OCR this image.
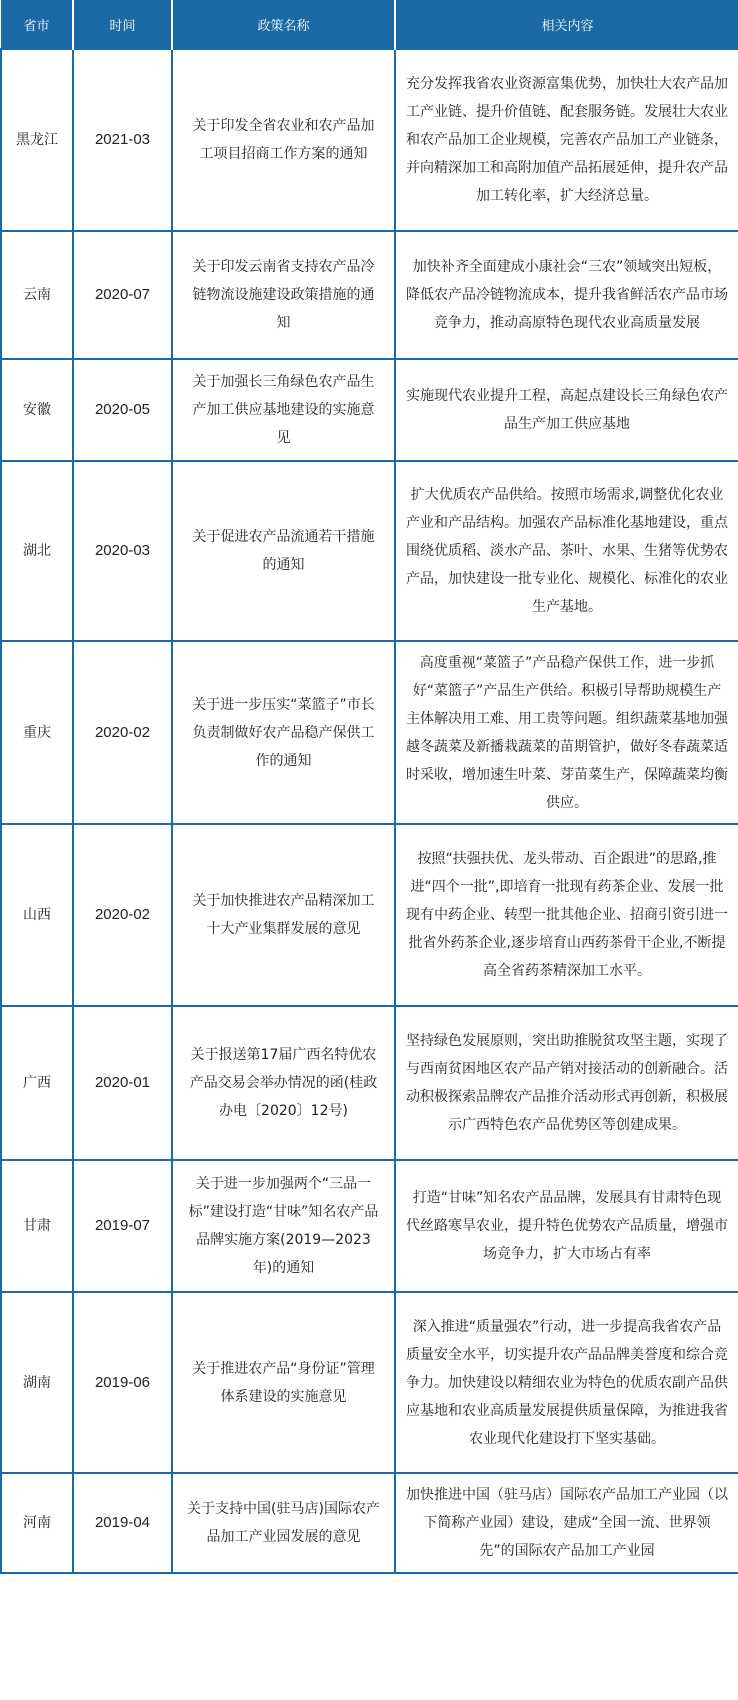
省市	时间	政策名称	相关内容
黑龙江	2021-03	关于印发全省农业和农产品加工项目招商工作方案的通知	充分发挥我省农业资源富集优势，加快壮大农产品加工产业链、提升价值链、配套服务链。发展壮大农业和农产品加工企业规模，完善农产品加工产业链条，并向精深加工和高附加值产品拓展延伸，提升农产品加工转化率，扩大经济总量。
云南	2020-07	关于印发云南省支持农产品冷链物流设施建设政策措施的通知	加快补齐全面建成小康社会“三农”领域突出短板，降低农产品冷链物流成本，提升我省鲜活农产品市场竞争力，推动高原特色现代农业高质量发展
安徽	2020-05	关于加强长三角绿色农产品生产加工供应基地建设的实施意见	实施现代农业提升工程，高起点建设长三角绿色农产品生产加工供应基地
湖北	2020-03	关于促进农产品流通若干措施的通知	扩大优质农产品供给。按照市场需求,调整优化农业产业和产品结构。加强农产品标准化基地建设，重点围绕优质稻、淡水产品、茶叶、水果、生猪等优势农产品，加快建设一批专业化、规模化、标准化的农业生产基地。
重庆	2020-02	关于进一步压实“菜篮子”市长负责制做好农产品稳产保供工作的通知	高度重视“菜篮子”产品稳产保供工作，进一步抓好“菜篮子”产品生产供给。积极引导帮助规模生产主体解决用工难、用工贵等问题。组织蔬菜基地加强越冬蔬菜及新播栽蔬菜的苗期管护，做好冬春蔬菜适时采收，增加速生叶菜、芽苗菜生产，保障蔬菜均衡供应。
山西	2020-02	关于加快推进农产品精深加工十大产业集群发展的意见	按照“扶强扶优、龙头带动、百企跟进”的思路,推进“四个一批”,即培育一批现有药茶企业、发展一批现有中药企业、转型一批其他企业、招商引资引进一批省外药茶企业,逐步培育山西药茶骨干企业,不断提高全省药茶精深加工水平。
广西	2020-01	关于报送第17届广西名特优农产品交易会举办情况的函(桂政办电〔2020〕12号)	坚持绿色发展原则，突出助推脱贫攻坚主题，实现了与西南贫困地区农产品产销对接活动的创新融合。活动积极探索品牌农产品推介活动形式再创新，积极展示广西特色农产品优势区等创建成果。
甘肃	2019-07	关于进一步加强两个“三品一标”建设打造“甘味”知名农产品品牌实施方案(2019—2023年)的通知	打造“甘味”知名农产品品牌，发展具有甘肃特色现代丝路寒旱农业，提升特色优势农产品质量，增强市场竞争力，扩大市场占有率
湖南	2019-06	关于推进农产品“身份证”管理体系建设的实施意见	深入推进“质量强农”行动，进一步提高我省农产品质量安全水平，切实提升农产品品牌美誉度和综合竞争力。加快建设以精细农业为特色的优质农副产品供应基地和农业高质量发展提供质量保障，为推进我省农业现代化建设打下坚实基础。
河南	2019-04	关于支持中国(驻马店)国际农产品加工产业园发展的意见	加快推进中国（驻马店）国际农产品加工产业园（以下简称产业园）建设，建成“全国一流、世界领先”的国际农产品加工产业园
